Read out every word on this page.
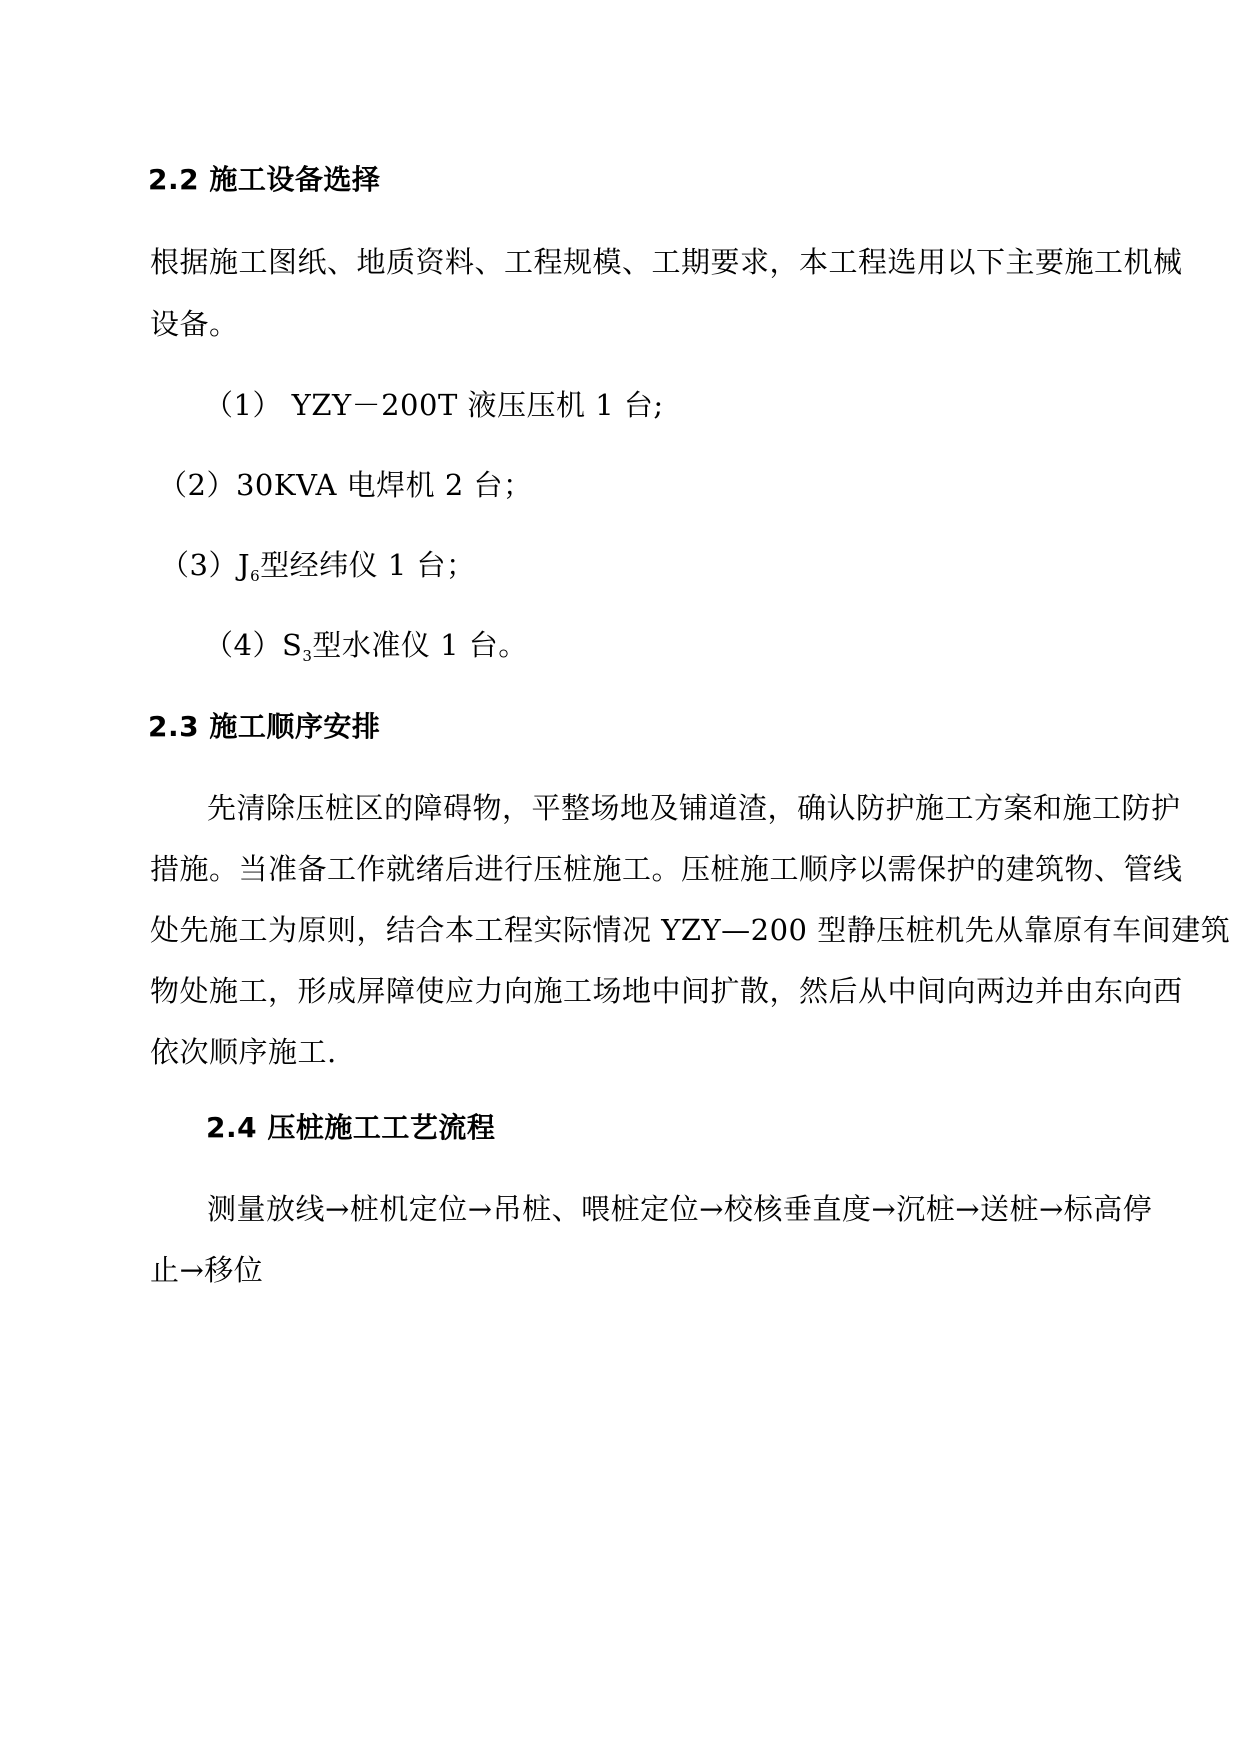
2.2 施工设备选择
根据施工图纸、地质资料、工程规模、工期要求，本工程选用以下主要施工机械
设备。
（1） YZY－200T 液压压机 1 台;
（2）30KVA 电焊机 2 台；
$(3)J_6$型经纬仪 1 台；
$(4)S_3$型水准仪 1 台。
2.3 施工顺序安排
先清除压桩区的障碍物，平整场地及铺道渣，确认防护施工方案和施工防护
措施。当准备工作就绪后进行压桩施工。压桩施工顺序以需保护的建筑物、管线
处先施工为原则，结合本工程实际情况 YZY—200 型静压桩机先从靠原有车间建筑
物处施工，形成屏障使应力向施工场地中间扩散，然后从中间向两边并由东向西
依次顺序施工.
2.4 压桩施工工艺流程
测量放线→桩机定位→吊桩、喂桩定位→校核垂直度→沉桩→送桩→标高停
止→移位
